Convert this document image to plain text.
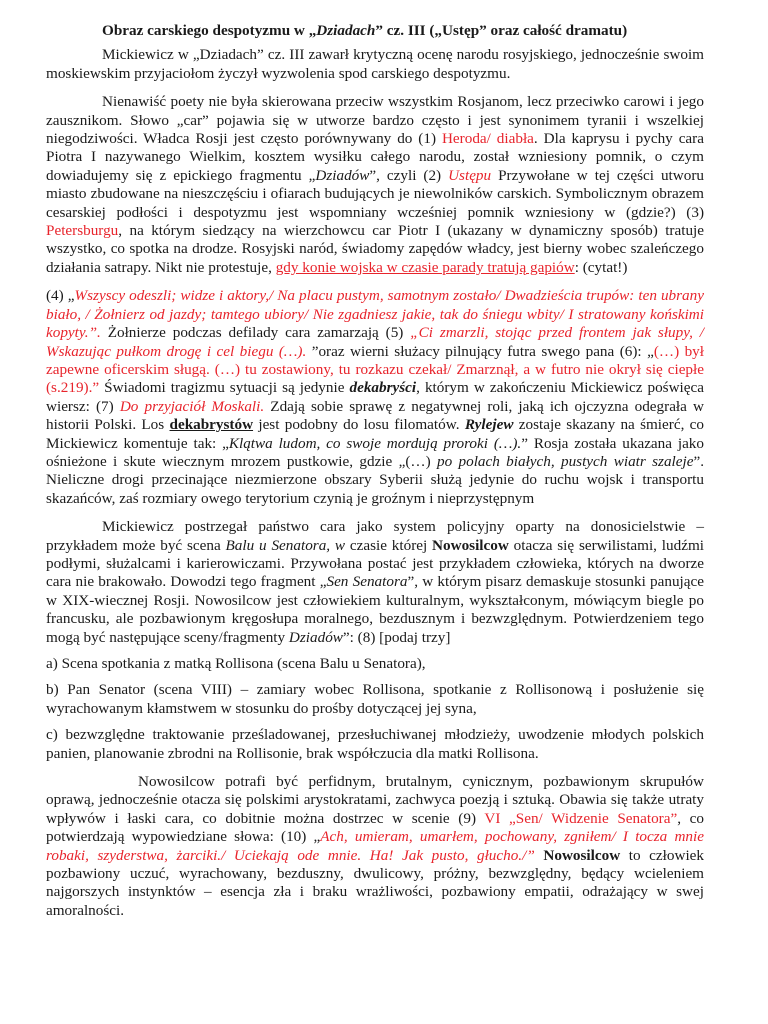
Obraz carskiego despotyzmu w „Dziadach” cz. III („Ustęp” oraz całość dramatu)

Mickiewicz w „Dziadach” cz. III zawarł krytyczną ocenę narodu rosyjskiego, jednocześnie swoim moskiewskim przyjaciołom życzył wyzwolenia spod carskiego despotyzmu.

Nienawiść poety nie była skierowana przeciw wszystkim Rosjanom, lecz przeciwko carowi i jego zausznikom. Słowo „car” pojawia się w utworze bardzo często i jest synonimem tyranii i wszelkiej niegodziwości. Władca Rosji jest często porównywany do (1) Heroda/ diabła. Dla kaprysu i pychy cara Piotra I nazywanego Wielkim, kosztem wysiłku całego narodu, został wzniesiony pomnik, o czym dowiadujemy się z epickiego fragmentu „Dziadów”, czyli (2) Ustępu Przywołane w tej części utworu miasto zbudowane na nieszczęściu i ofiarach budujących je niewolników carskich. Symbolicznym obrazem cesarskiej podłości i despotyzmu jest wspomniany wcześniej pomnik wzniesiony w (gdzie?) (3) Petersburgu, na którym siedzący na wierzchowcu car Piotr I (ukazany w dynamiczny sposób) tratuje wszystko, co spotka na drodze. Rosyjski naród, świadomy zapędów władcy, jest bierny wobec szaleńczego działania satrapy. Nikt nie protestuje, gdy konie wojska w czasie parady tratują gapiów: (cytat!)

(4) „Wszyscy odeszli; widze i aktory,/ Na placu pustym, samotnym zostało/ Dwadzieścia trupów: ten ubrany biało, / Żołnierz od jazdy; tamtego ubiory/ Nie zgadniesz jakie, tak do śniegu wbity/ I stratowany końskimi kopyty.”. Żołnierze podczas defilady cara zamarzają (5) „Ci zmarzli, stojąc przed frontem jak słupy, / Wskazując pułkom drogę i cel biegu (…). ”oraz wierni służacy pilnujący futra swego pana (6): „(…) był zapewne oficerskim sługą. (…) tu zostawiony, tu rozkazu czekał/ Zmarznął, a w futro nie okrył się ciepłe (s.219).” Świadomi tragizmu sytuacji są jedynie dekabryści, którym w zakończeniu Mickiewicz poświęca wiersz: (7) Do przyjaciół Moskali. Zdają sobie sprawę z negatywnej roli, jaką ich ojczyzna odegrała w historii Polski. Los dekabrystów jest podobny do losu filomatów. Rylejew zostaje skazany na śmierć, co Mickiewicz komentuje tak: „Klątwa ludom, co swoje mordują proroki (…).” Rosja została ukazana jako ośnieżone i skute wiecznym mrozem pustkowie, gdzie „(…) po polach białych, pustych wiatr szaleje”. Nieliczne drogi przecinające niezmierzone obszary Syberii służą jedynie do ruchu wojsk i transportu skazańców, zaś rozmiary owego terytorium czynią je groźnym i nieprzystępnym

Mickiewicz postrzegał państwo cara jako system policyjny oparty na donosicielstwie – przykładem może być scena Balu u Senatora, w czasie której Nowosilcow otacza się serwilistami, ludźmi podłymi, służalcami i karierowiczami. Przywołana postać jest przykładem człowieka, których na dworze cara nie brakowało. Dowodzi tego fragment „Sen Senatora”, w którym pisarz demaskuje stosunki panujące w XIX-wiecznej Rosji. Nowosilcow jest człowiekiem kulturalnym, wykształconym, mówiącym biegle po francusku, ale pozbawionym kręgosłupa moralnego, bezdusznym i bezwzględnym. Potwierdzeniem tego mogą być następujące sceny/fragmenty Dziadów”: (8) [podaj trzy]

a) Scena spotkania z matką Rollisona (scena Balu u Senatora),

b) Pan Senator (scena VIII) – zamiary wobec Rollisona, spotkanie z Rollisonową i posłużenie się wyrachowanym kłamstwem w stosunku do prośby dotyczącej jej syna,

c) bezwzględne traktowanie prześladowanej, przesłuchiwanej młodzieży, uwodzenie młodych polskich panien, planowanie zbrodni na Rollisonie, brak współczucia dla matki Rollisona.

Nowosilcow potrafi być perfidnym, brutalnym, cynicznym, pozbawionym skrupułów oprawą, jednocześnie otacza się polskimi arystokratami, zachwyca poezją i sztuką. Obawia się także utraty wpływów i łaski cara, co dobitnie można dostrzec w scenie (9) VI „Sen/ Widzenie Senatora”, co potwierdzają wypowiedziane słowa: (10) „Ach, umieram, umarłem, pochowany, zgniłem/ I tocza mnie robaki, szyderstwa, żarciki./ Uciekają ode mnie. Ha! Jak pusto, głucho./” Nowosilcow to człowiek pozbawiony uczuć, wyrachowany, bezduszny, dwulicowy, próżny, bezwzględny, będący wcieleniem najgorszych instynktów – esencja zła i braku wrażliwości, pozbawiony empatii, odrażający w swej amoralności.
